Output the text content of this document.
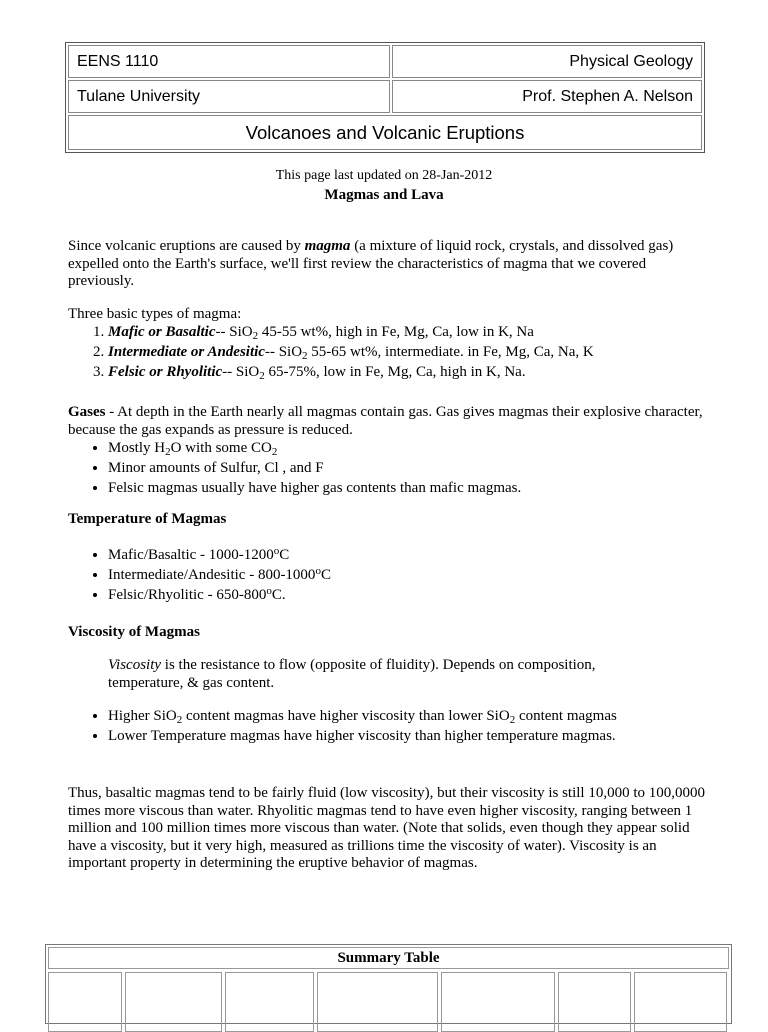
EENS 1110	Physical Geology
Tulane University	Prof. Stephen A. Nelson
Volcanoes and Volcanic Eruptions
This page last updated on 28-Jan-2012
Magmas and Lava

Since volcanic eruptions are caused by magma (a mixture of liquid rock, crystals, and dissolved gas) expelled onto the Earth's surface, we'll first review the characteristics of magma that we covered previously.

Three basic types of magma:

1. Mafic or Basaltic-- SiO$_2$ 45-55 wt%, high in Fe, Mg, Ca, low in K, Na
2. Intermediate or Andesitic-- SiO$_2$ 55-65 wt%, intermediate. in Fe, Mg, Ca, Na, K
3. Felsic or Rhyolitic-- SiO$_2$ 65-75%, low in Fe, Mg, Ca, high in K, Na.

Gases - At depth in the Earth nearly all magmas contain gas. Gas gives magmas their explosive character, because the gas expands as pressure is reduced.

• Mostly $H_2O$ with some $CO_2$
• Minor amounts of Sulfur, Cl , and F
• Felsic magmas usually have higher gas contents than mafic magmas.
Temperature of Magmas
• Mafic/Basaltic - 1000-1200$^o$C
• Intermediate/Andesitic - 800-1000$^o$C
• Felsic/Rhyolitic - 650-800$^o$C.
Viscosity of Magmas

Viscosity is the resistance to flow (opposite of fluidity). Depends on composition, temperature, & gas content.

• Higher SiO$_2$ content magmas have higher viscosity than lower SiO$_2$ content magmas
• Lower Temperature magmas have higher viscosity than higher temperature magmas.

Thus, basaltic magmas tend to be fairly fluid (low viscosity), but their viscosity is still 10,000 to 100,0000 times more viscous than water. Rhyolitic magmas tend to have even higher viscosity, ranging between 1 million and 100 million times more viscous than water. (Note that solids, even though they appear solid have a viscosity, but it very high, measured as trillions time the viscosity of water). Viscosity is an important property in determining the eruptive behavior of magmas.

Summary Table
